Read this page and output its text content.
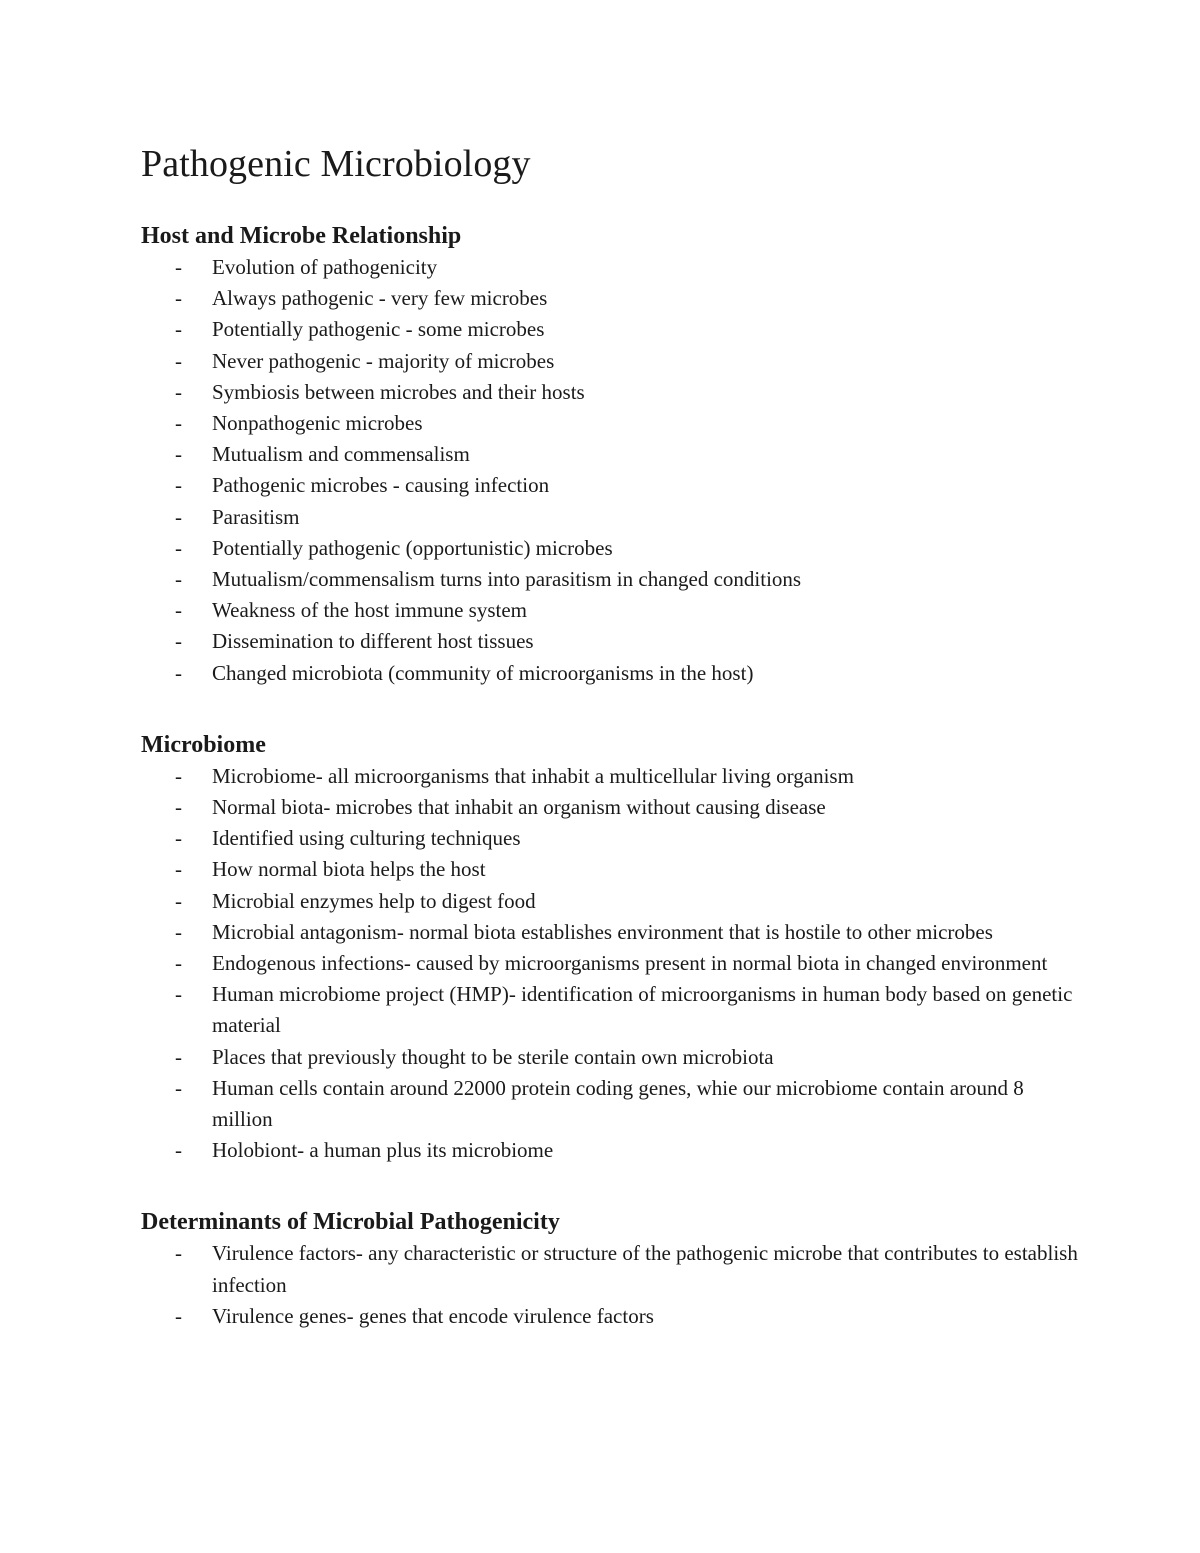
Pathogenic Microbiology
Host and Microbe Relationship
-	Evolution of pathogenicity
-	Always pathogenic - very few microbes
-	Potentially pathogenic - some microbes
-	Never pathogenic - majority of microbes
-	Symbiosis between microbes and their hosts
-	Nonpathogenic microbes
-	Mutualism and commensalism
-	Pathogenic microbes - causing infection
-	Parasitism
-	Potentially pathogenic (opportunistic) microbes
-	Mutualism/commensalism turns into parasitism in changed conditions
-	Weakness of the host immune system
-	Dissemination to different host tissues
-	Changed microbiota (community of microorganisms in the host)
Microbiome
-	Microbiome- all microorganisms that inhabit a multicellular living organism
-	Normal biota- microbes that inhabit an organism without causing disease
-	Identified using culturing techniques
-	How normal biota helps the host
-	Microbial enzymes help to digest food
-	Microbial antagonism- normal biota establishes environment that is hostile to other microbes
-	Endogenous infections- caused by microorganisms present in normal biota in changed environment
-	Human microbiome project (HMP)- identification of microorganisms in human body based on genetic material
-	Places that previously thought to be sterile contain own microbiota
-	Human cells contain around 22000 protein coding genes, whie our microbiome contain around 8 million
-	Holobiont- a human plus its microbiome
Determinants of Microbial Pathogenicity
-	Virulence factors- any characteristic or structure of the pathogenic microbe that contributes to establish infection
-	Virulence genes- genes that encode virulence factors
